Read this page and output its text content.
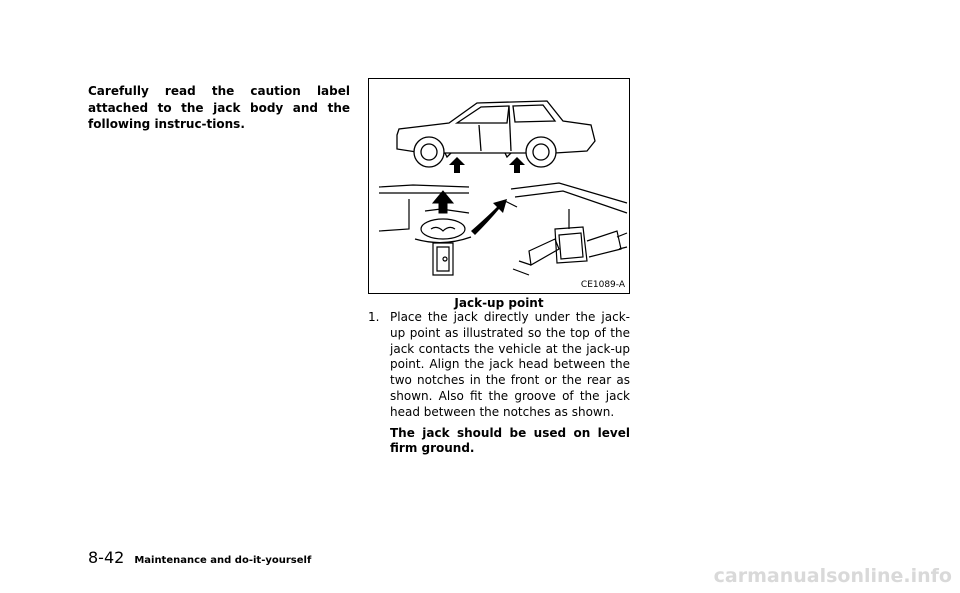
Carefully read the caution label attached to the jack body and the following instruc-tions.
CE1089-A
Jack-up point
1. Place the jack directly under the jack-up point as illustrated so the top of the jack contacts the vehicle at the jack-up point. Align the jack head between the two notches in the front or the rear as shown. Also fit the groove of the jack head between the notches as shown.
The jack should be used on level firm ground.
8-42 Maintenance and do-it-yourself
carmanualsonline.info
